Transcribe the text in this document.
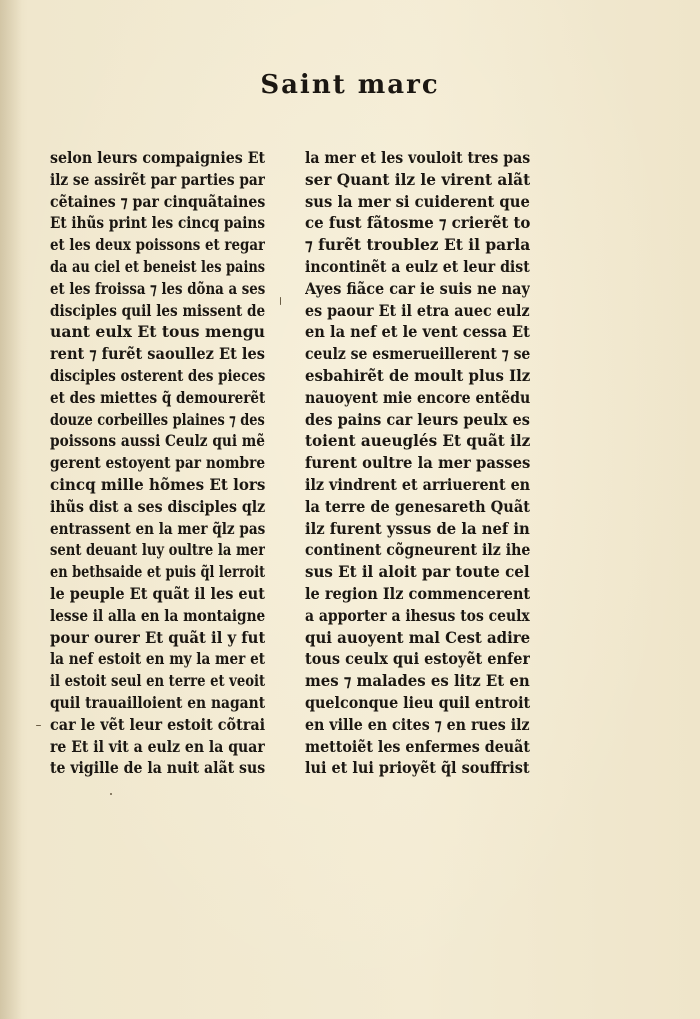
Saint marc
selon leurs compaignies Et
ilz se assirẽt par parties par
cẽtaines ⁊ par cinquãtaines
Et ihũs print les cincq pains
et les deux poissons et regar
da au ciel et beneist les pains
et les froissa ⁊ les dõna a ses
disciples quil les missent de
uant eulx Et tous mengu
rent ⁊ furẽt saoullez Et les
disciples osterent des pieces
et des miettes q̃ demourerẽt
douze corbeilles plaines ⁊ des
poissons aussi Ceulz qui mẽ
gerent estoyent par nombre
cincq mille hõmes Et lors
ihũs dist a ses disciples qlz
entrassent en la mer q̃lz pas
sent deuant luy oultre la mer
en bethsaide et puis q̃l lerroit
le peuple Et quãt il les eut
lesse il alla en la montaigne
pour ourer Et quãt il y fut
la nef estoit en my la mer et
il estoit seul en terre et veoit
quil trauailloient en nagant
car le vẽt leur estoit cõtrai
re Et il vit a eulz en la quar
te vigille de la nuit alãt sus
la mer et les vouloit tres pas
ser Quant ilz le virent alãt
sus la mer si cuiderent que
ce fust fãtosme ⁊ crierẽt to
⁊ furẽt troublez Et il parla
incontinẽt a eulz et leur dist
Ayes fiãce car ie suis ne nay
es paour Et il etra auec eulz
en la nef et le vent cessa Et
ceulz se esmerueillerent ⁊ se
esbahirẽt de moult plus Ilz
nauoyent mie encore entẽdu
des pains car leurs peulx es
toient aueuglés Et quãt ilz
furent oultre la mer passes
ilz vindrent et arriuerent en
la terre de genesareth Quãt
ilz furent yssus de la nef in
continent cõgneurent ilz ihe
sus Et il aloit par toute cel
le region Ilz commencerent
a apporter a ihesus tos ceulx
qui auoyent mal Cest adire
tous ceulx qui estoyẽt enfer
mes ⁊ malades es litz Et en
quelconque lieu quil entroit
en ville en cites ⁊ en rues ilz
mettoiẽt les enfermes deuãt
lui et lui prioyẽt q̃l souffrist
